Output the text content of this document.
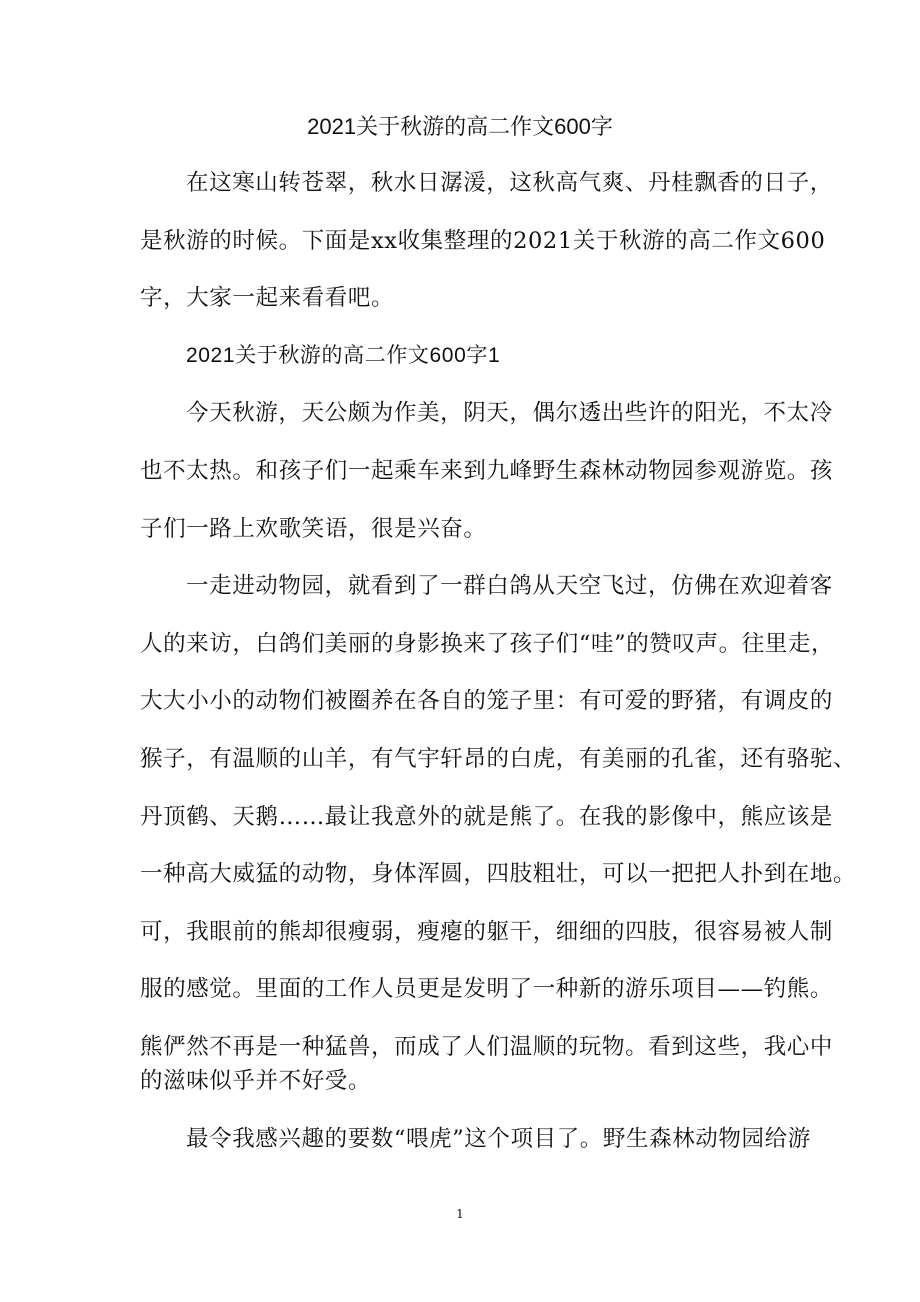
2021关于秋游的高二作文600字
在这寒山转苍翠，秋水日潺湲，这秋高气爽、丹桂飘香的日子，
是秋游的时候。下面是xx收集整理的2021关于秋游的高二作文600
字，大家一起来看看吧。
2021关于秋游的高二作文600字1
今天秋游，天公颇为作美，阴天，偶尔透出些许的阳光，不太冷
也不太热。和孩子们一起乘车来到九峰野生森林动物园参观游览。孩
子们一路上欢歌笑语，很是兴奋。
一走进动物园，就看到了一群白鸽从天空飞过，仿佛在欢迎着客
人的来访，白鸽们美丽的身影换来了孩子们“哇”的赞叹声。往里走，
大大小小的动物们被圈养在各自的笼子里：有可爱的野猪，有调皮的
猴子，有温顺的山羊，有气宇轩昂的白虎，有美丽的孔雀，还有骆驼、
丹顶鹤、天鹅……最让我意外的就是熊了。在我的影像中，熊应该是
一种高大威猛的动物，身体浑圆，四肢粗壮，可以一把把人扑到在地。
可，我眼前的熊却很瘦弱，瘦瘪的躯干，细细的四肢，很容易被人制
服的感觉。里面的工作人员更是发明了一种新的游乐项目——钓熊。
熊俨然不再是一种猛兽，而成了人们温顺的玩物。看到这些，我心中
的滋味似乎并不好受。
最令我感兴趣的要数“喂虎”这个项目了。野生森林动物园给游
1
